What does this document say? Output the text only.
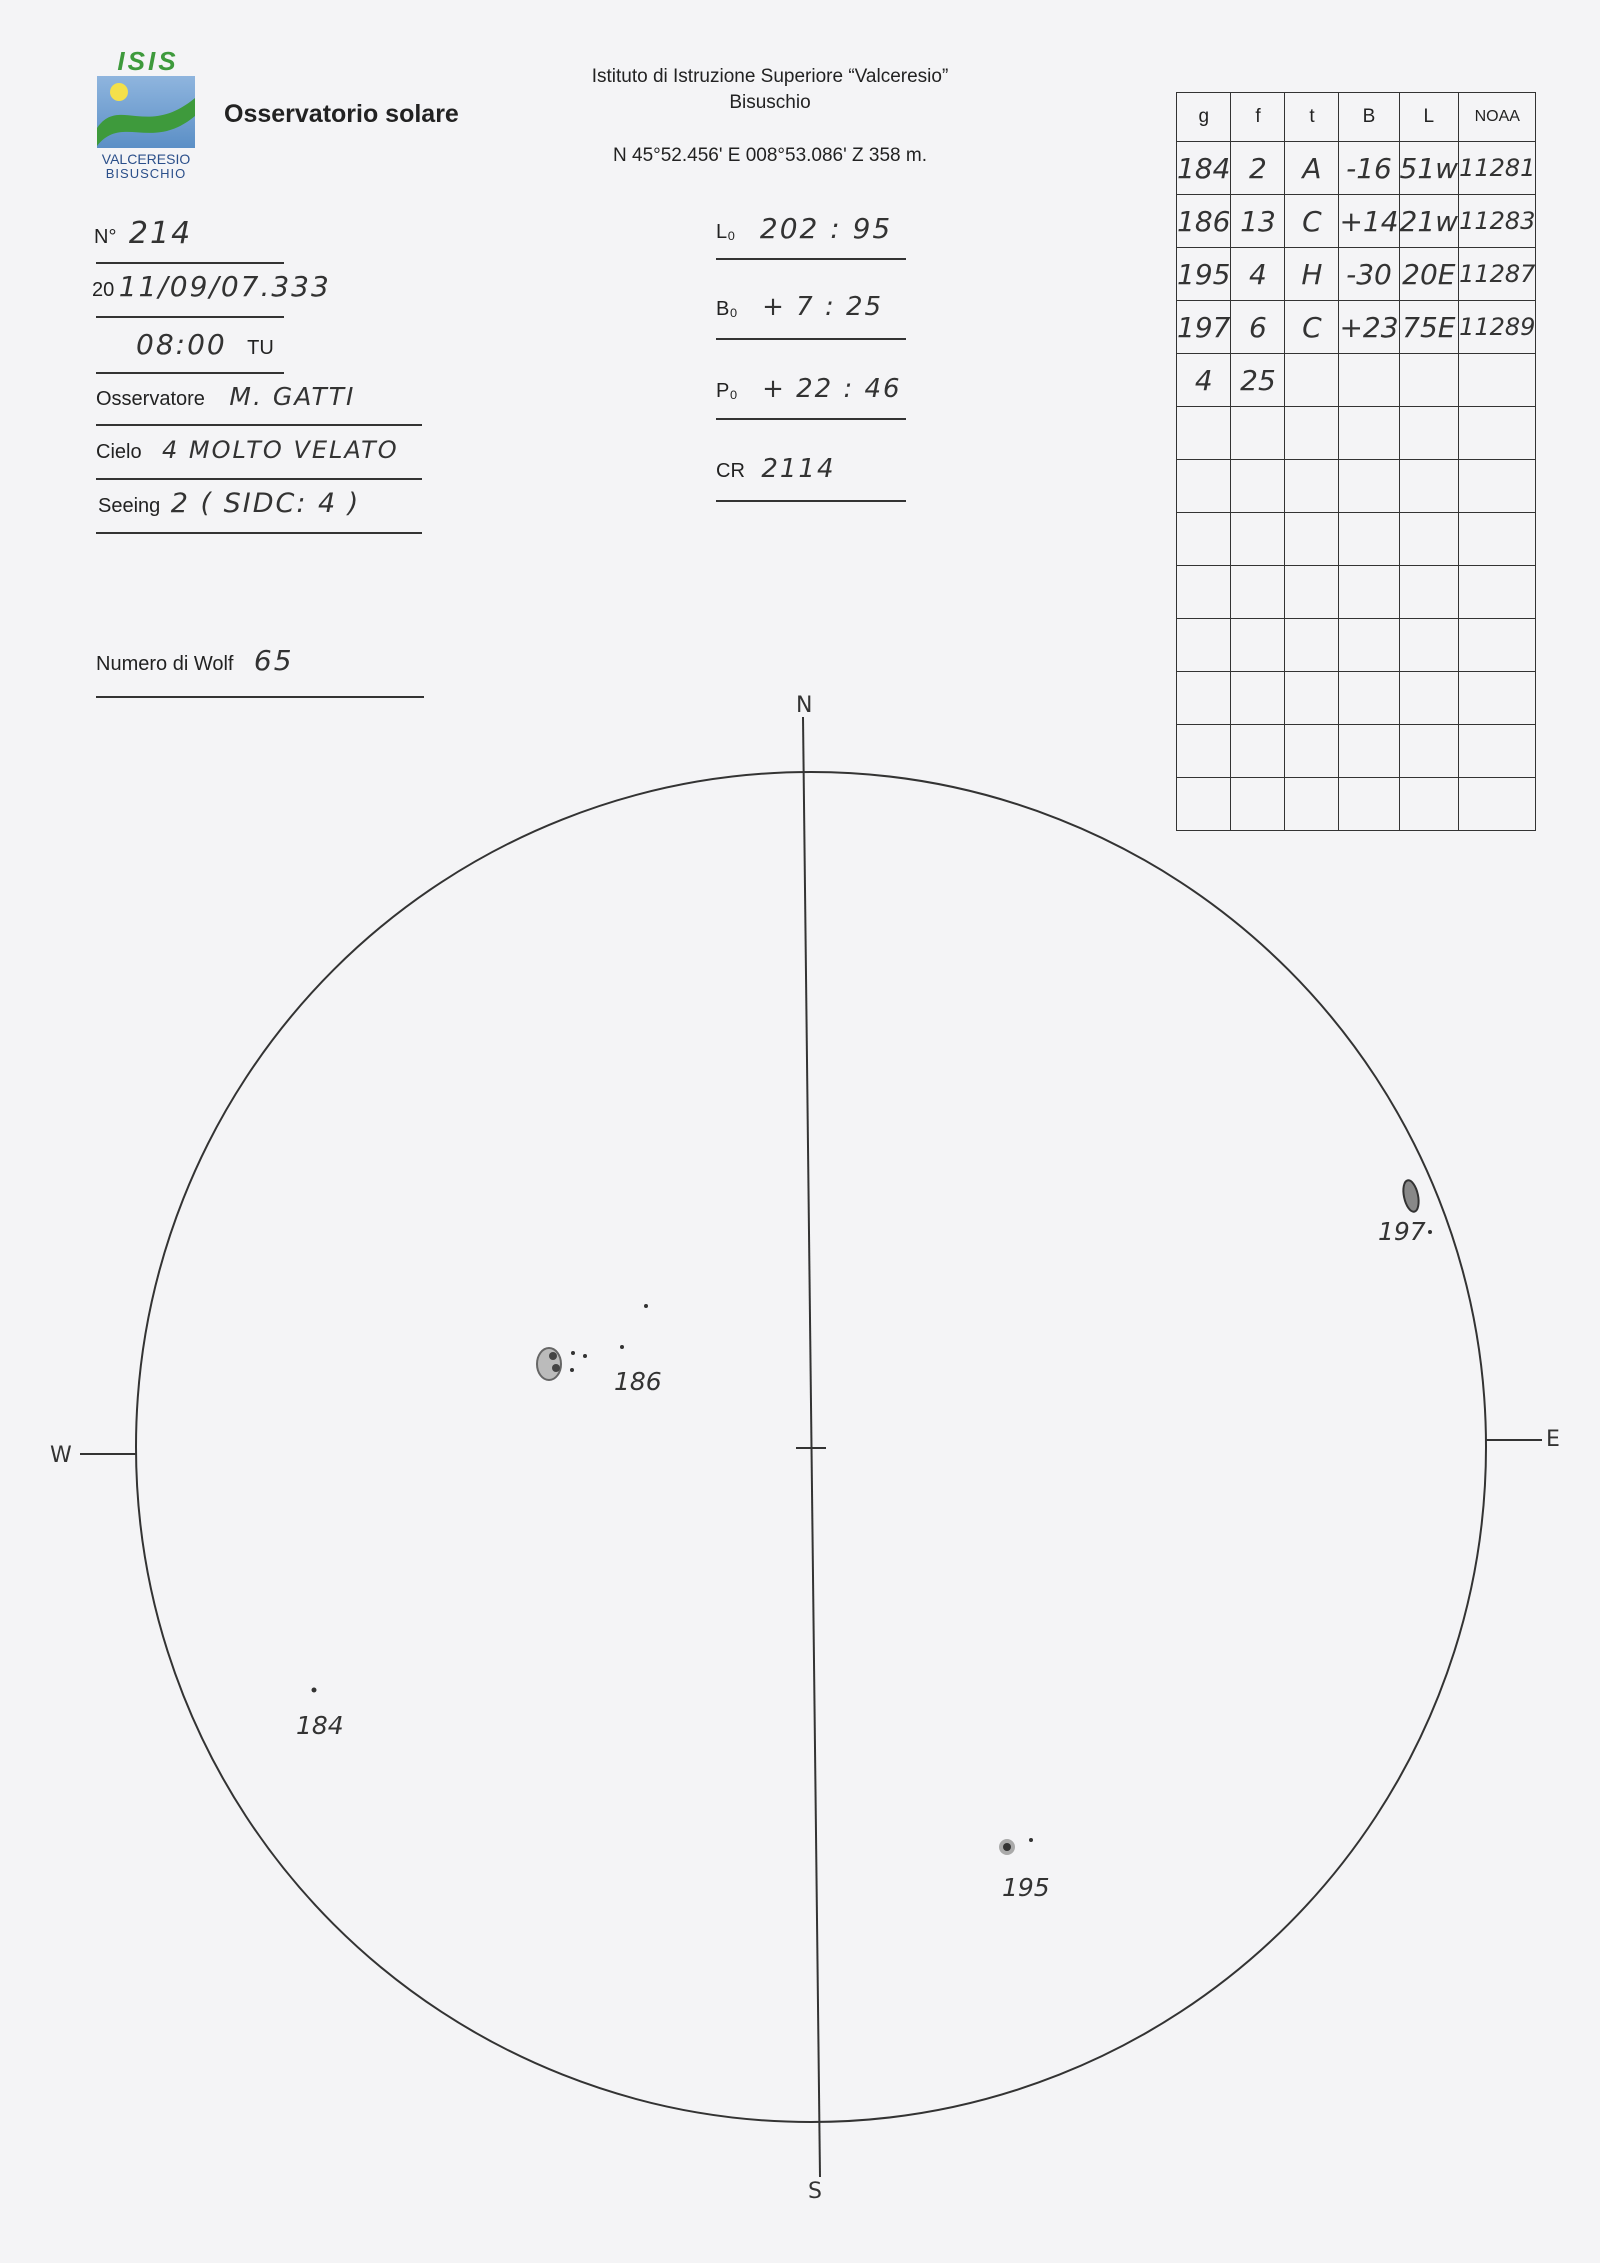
ISIS
VALCERESIO
BISUSCHIO
Osservatorio solare
Istituto di Istruzione Superiore “Valceresio”
Bisuschio
N 45°52.456' E 008°53.086' Z 358 m.
N° 214
20 11/09/07.333
08:00 TU
Osservatore M. GATTI
Cielo 4 MOLTO VELATO
Seeing 2 ( SIDC: 4 )
Numero di Wolf 65
L₀ 202 : 95
B₀ + 7 : 25
P₀ + 22 : 46
CR 2114
g	f	t	B	L	NOAA
184	2	A	-16	51w	11281
186	13	C	+14	21w	11283
195	4	H	-30	20E	11287
197	6	C	+23	75E	11289
4	25				

N
S
E
W
186
184
195
197
